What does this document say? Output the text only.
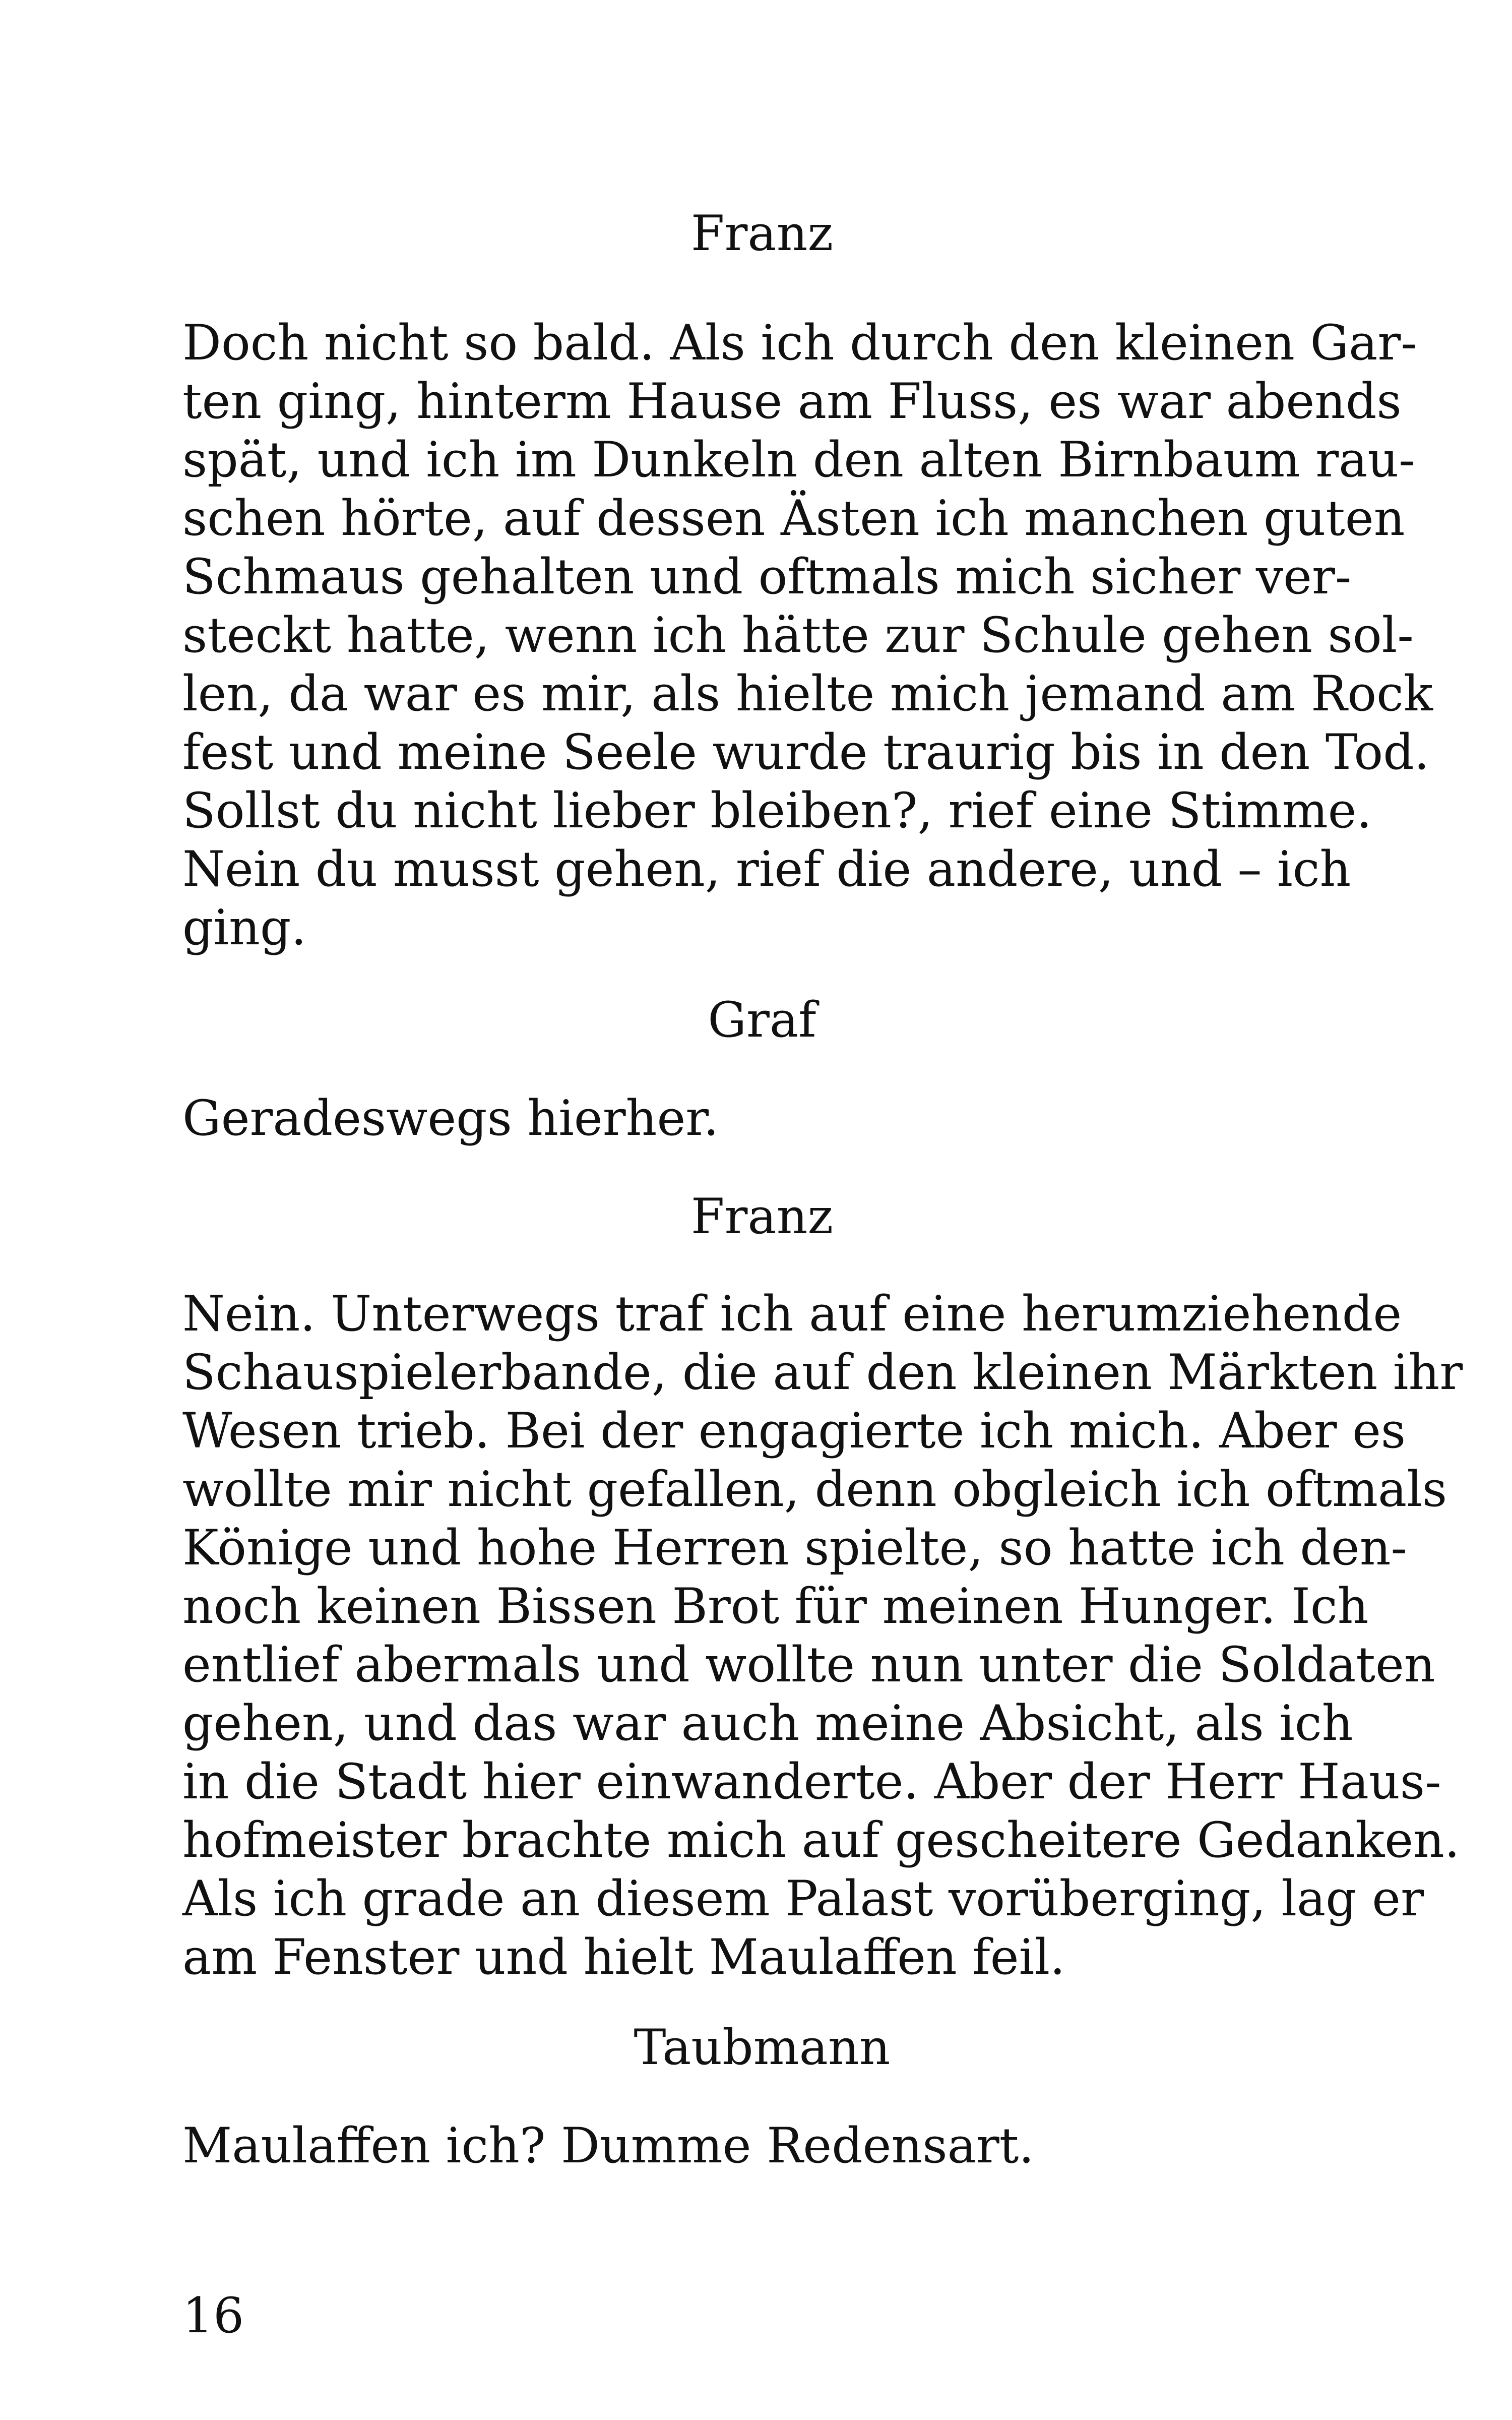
Franz
Doch nicht so bald. Als ich durch den kleinen Gar-
ten ging, hinterm Hause am Fluss, es war abends
spät, und ich im Dunkeln den alten Birnbaum rau-
schen hörte, auf dessen Ästen ich manchen guten
Schmaus gehalten und oftmals mich sicher ver-
steckt hatte, wenn ich hätte zur Schule gehen sol-
len, da war es mir, als hielte mich jemand am Rock
fest und meine Seele wurde traurig bis in den Tod.
Sollst du nicht lieber bleiben?, rief eine Stimme.
Nein du musst gehen, rief die andere, und – ich
ging.
Graf
Geradeswegs hierher.
Franz
Nein. Unterwegs traf ich auf eine herumziehende
Schauspielerbande, die auf den kleinen Märkten ihr
Wesen trieb. Bei der engagierte ich mich. Aber es
wollte mir nicht gefallen, denn obgleich ich oftmals
Könige und hohe Herren spielte, so hatte ich den-
noch keinen Bissen Brot für meinen Hunger. Ich
entlief abermals und wollte nun unter die Soldaten
gehen, und das war auch meine Absicht, als ich
in die Stadt hier einwanderte. Aber der Herr Haus-
hofmeister brachte mich auf gescheitere Gedanken.
Als ich grade an diesem Palast vorüberging, lag er
am Fenster und hielt Maulaffen feil.
Taubmann
Maulaffen ich? Dumme Redensart.
16
